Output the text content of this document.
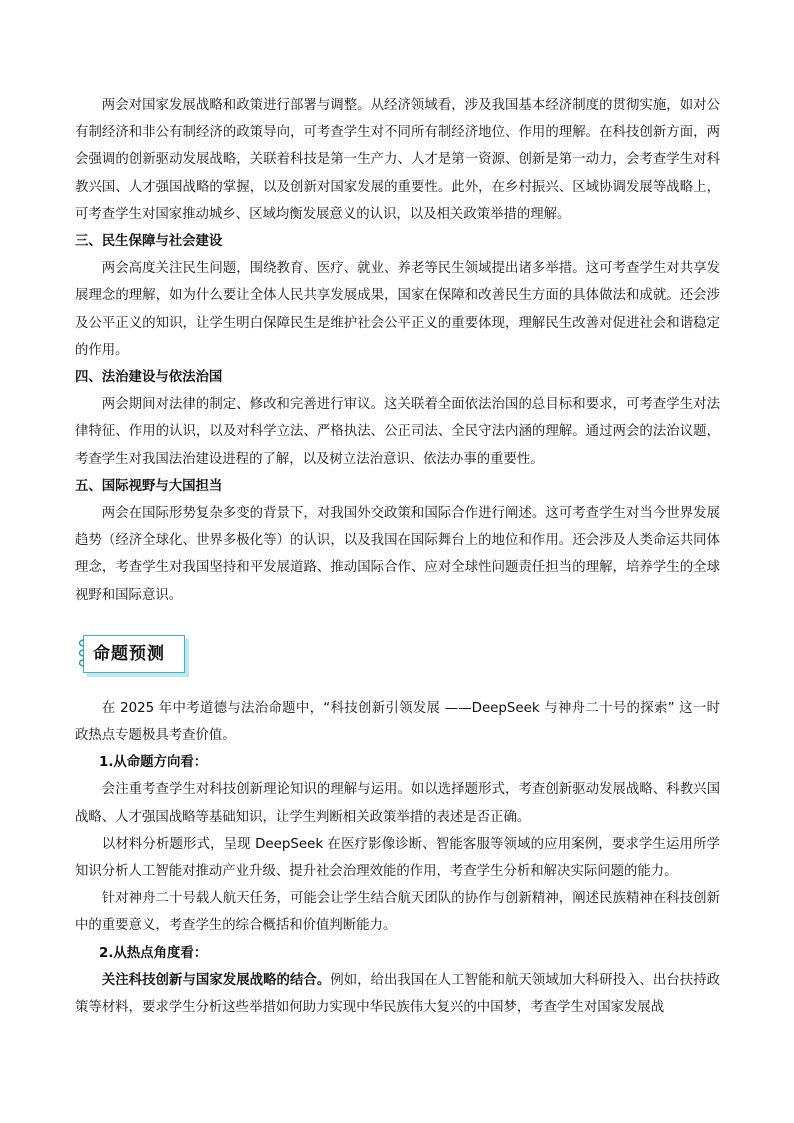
两会对国家发展战略和政策进行部署与调整。从经济领域看，涉及我国基本经济制度的贯彻实施，如对公有制经济和非公有制经济的政策导向，可考查学生对不同所有制经济地位、作用的理解。在科技创新方面，两会强调的创新驱动发展战略，关联着科技是第一生产力、人才是第一资源、创新是第一动力，会考查学生对科教兴国、人才强国战略的掌握，以及创新对国家发展的重要性。此外，在乡村振兴、区域协调发展等战略上，可考查学生对国家推动城乡、区域均衡发展意义的认识，以及相关政策举措的理解。

三、民生保障与社会建设

两会高度关注民生问题，围绕教育、医疗、就业、养老等民生领域提出诸多举措。这可考查学生对共享发展理念的理解，如为什么要让全体人民共享发展成果，国家在保障和改善民生方面的具体做法和成就。还会涉及公平正义的知识，让学生明白保障民生是维护社会公平正义的重要体现，理解民生改善对促进社会和谐稳定的作用。

四、法治建设与依法治国

两会期间对法律的制定、修改和完善进行审议。这关联着全面依法治国的总目标和要求，可考查学生对法律特征、作用的认识，以及对科学立法、严格执法、公正司法、全民守法内涵的理解。通过两会的法治议题，考查学生对我国法治建设进程的了解，以及树立法治意识、依法办事的重要性。

五、国际视野与大国担当

两会在国际形势复杂多变的背景下，对我国外交政策和国际合作进行阐述。这可考查学生对当今世界发展趋势（经济全球化、世界多极化等）的认识，以及我国在国际舞台上的地位和作用。还会涉及人类命运共同体理念，考查学生对我国坚持和平发展道路、推动国际合作、应对全球性问题责任担当的理解，培养学生的全球视野和国际意识。

命题预测

在 2025 年中考道德与法治命题中，“科技创新引领发展 ——DeepSeek 与神舟二十号的探索” 这一时政热点专题极具考查价值。

1.从命题方向看：

会注重考查学生对科技创新理论知识的理解与运用。如以选择题形式，考查创新驱动发展战略、科教兴国战略、人才强国战略等基础知识，让学生判断相关政策举措的表述是否正确。

以材料分析题形式，呈现 DeepSeek 在医疗影像诊断、智能客服等领域的应用案例，要求学生运用所学知识分析人工智能对推动产业升级、提升社会治理效能的作用，考查学生分析和解决实际问题的能力。

针对神舟二十号载人航天任务，可能会让学生结合航天团队的协作与创新精神，阐述民族精神在科技创新中的重要意义，考查学生的综合概括和价值判断能力。

2.从热点角度看：

关注科技创新与国家发展战略的结合。例如，给出我国在人工智能和航天领域加大科研投入、出台扶持政策等材料，要求学生分析这些举措如何助力实现中华民族伟大复兴的中国梦，考查学生对国家发展战
